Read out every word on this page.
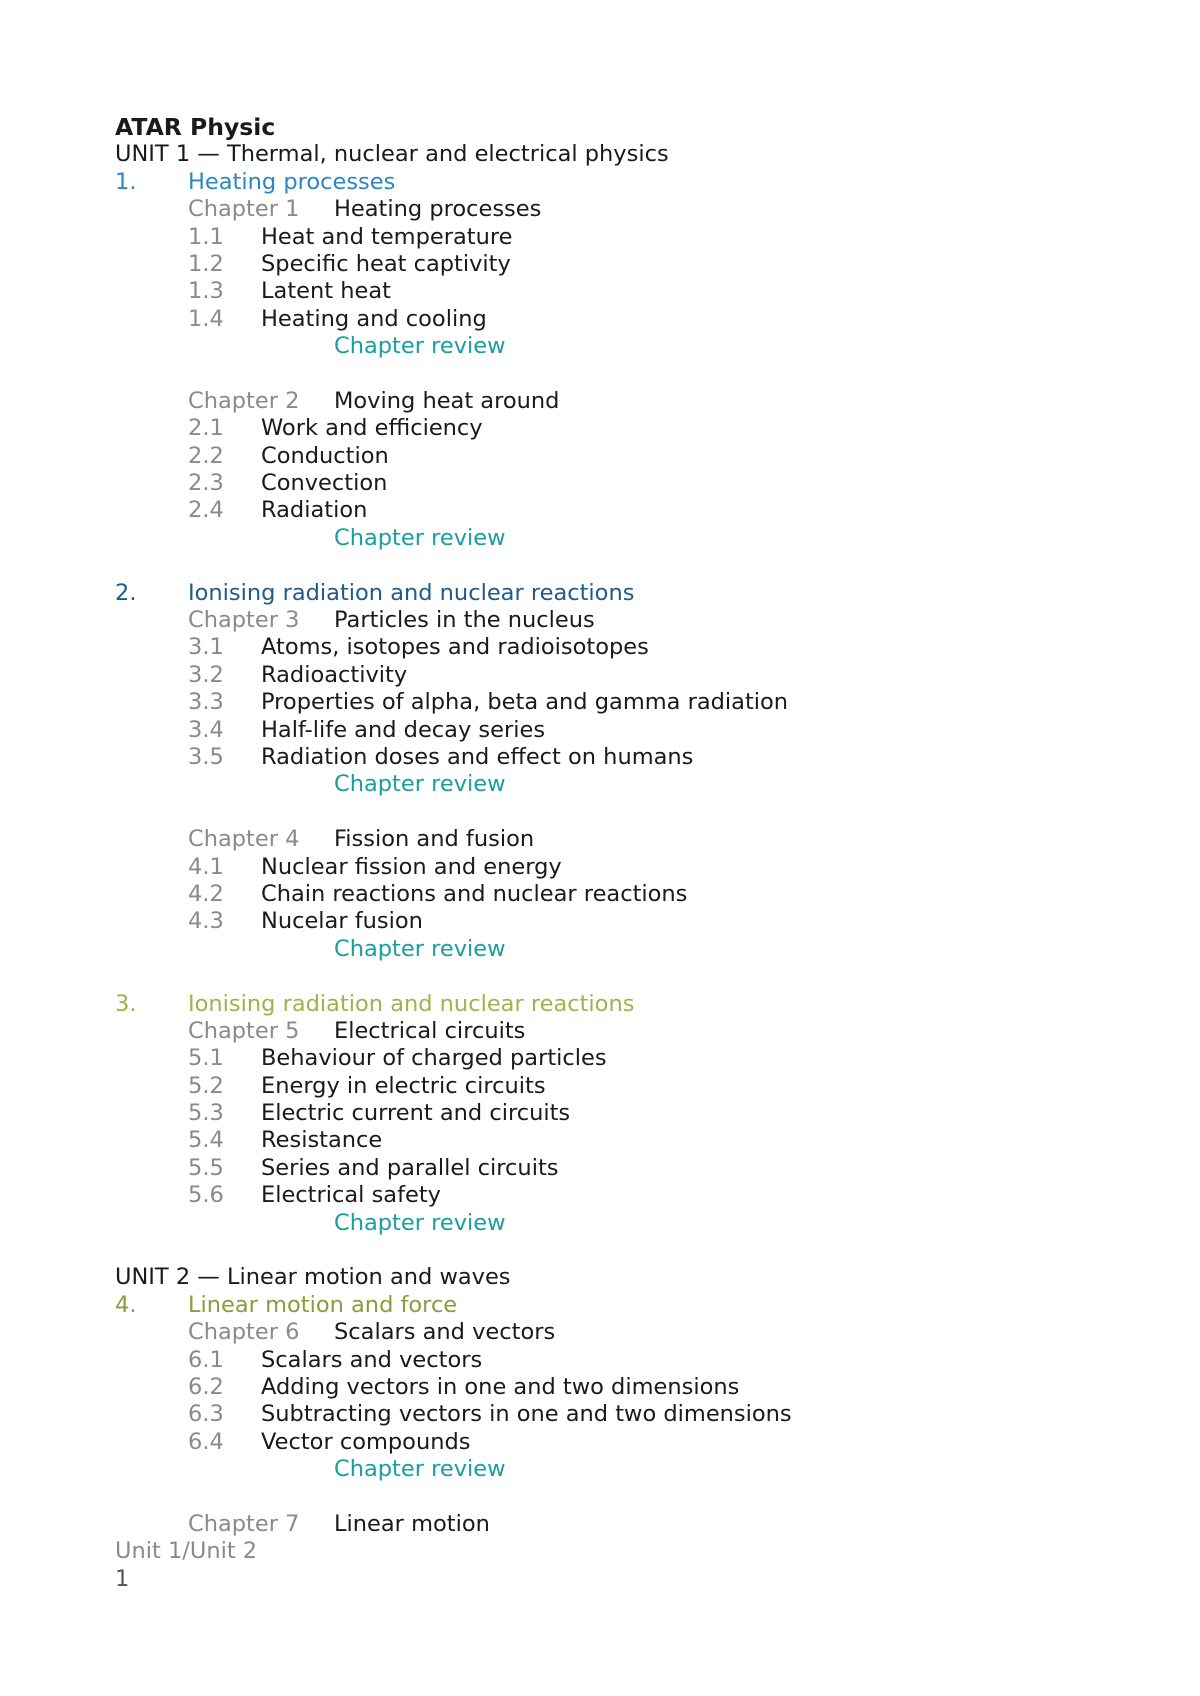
ATAR Physic
UNIT 1 — Thermal, nuclear and electrical physics
1. Heating processes
Chapter 1 Heating processes
1.1 Heat and temperature
1.2 Specific heat captivity
1.3 Latent heat
1.4 Heating and cooling
Chapter review
Chapter 2 Moving heat around
2.1 Work and efficiency
2.2 Conduction
2.3 Convection
2.4 Radiation
Chapter review
2. Ionising radiation and nuclear reactions
Chapter 3 Particles in the nucleus
3.1 Atoms, isotopes and radioisotopes
3.2 Radioactivity
3.3 Properties of alpha, beta and gamma radiation
3.4 Half-life and decay series
3.5 Radiation doses and effect on humans
Chapter review
Chapter 4 Fission and fusion
4.1 Nuclear fission and energy
4.2 Chain reactions and nuclear reactions
4.3 Nucelar fusion
Chapter review
3. Ionising radiation and nuclear reactions
Chapter 5 Electrical circuits
5.1 Behaviour of charged particles
5.2 Energy in electric circuits
5.3 Electric current and circuits
5.4 Resistance
5.5 Series and parallel circuits
5.6 Electrical safety
Chapter review
UNIT 2 — Linear motion and waves
4. Linear motion and force
Chapter 6 Scalars and vectors
6.1 Scalars and vectors
6.2 Adding vectors in one and two dimensions
6.3 Subtracting vectors in one and two dimensions
6.4 Vector compounds
Chapter review
Chapter 7 Linear motion
Unit 1/Unit 2
1
